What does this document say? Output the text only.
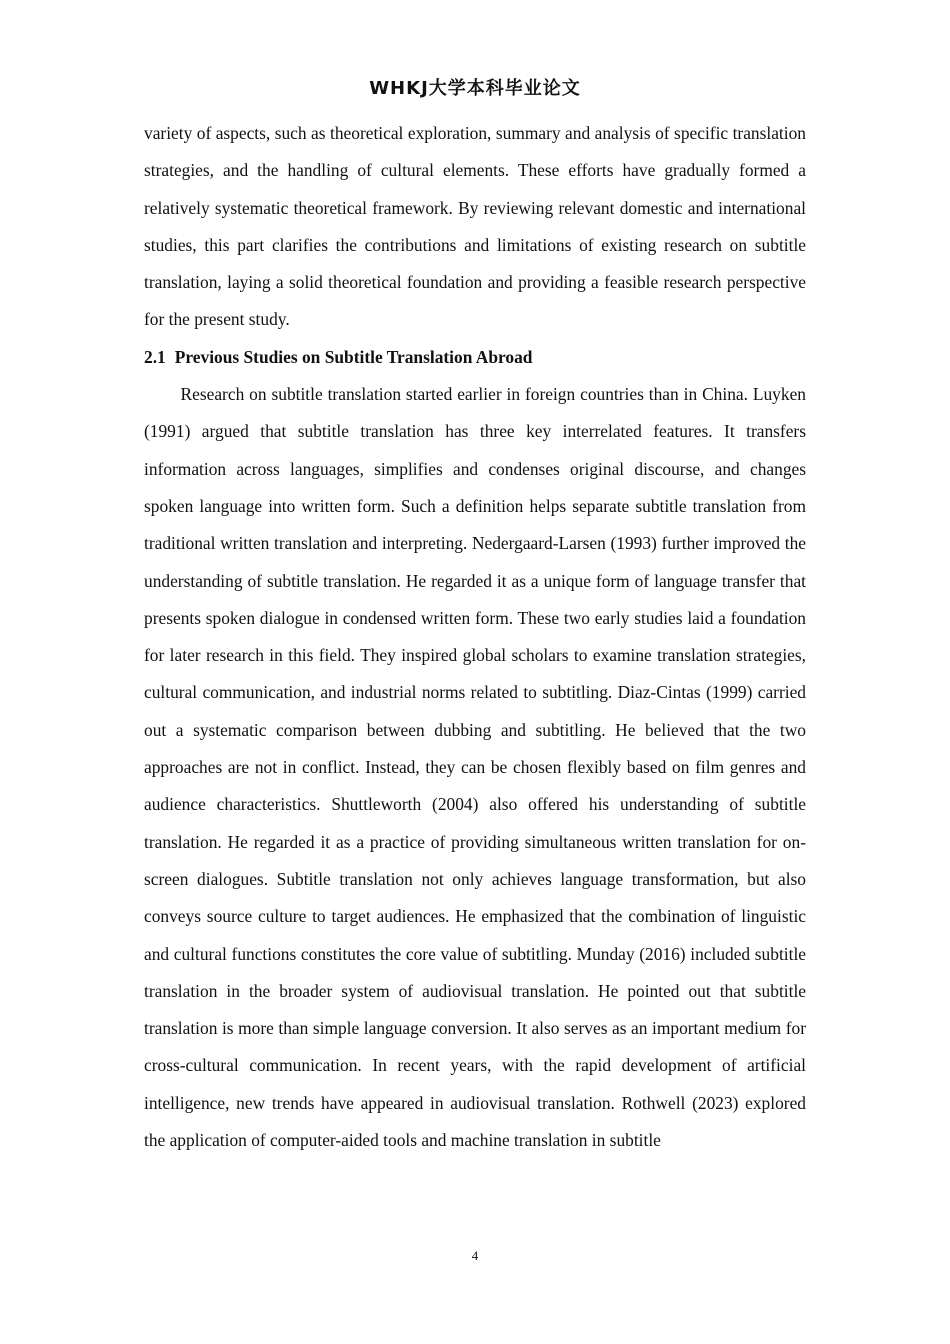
WHKJ大学本科毕业论文

variety of aspects, such as theoretical exploration, summary and analysis of specific translation strategies, and the handling of cultural elements. These efforts have gradually formed a relatively systematic theoretical framework. By reviewing relevant domestic and international studies, this part clarifies the contributions and limitations of existing research on subtitle translation, laying a solid theoretical foundation and providing a feasible research perspective for the present study.

2.1 Previous Studies on Subtitle Translation Abroad

Research on subtitle translation started earlier in foreign countries than in China. Luyken (1991) argued that subtitle translation has three key interrelated features. It transfers information across languages, simplifies and condenses original discourse, and changes spoken language into written form. Such a definition helps separate subtitle translation from traditional written translation and interpreting. Nedergaard-Larsen (1993) further improved the understanding of subtitle translation. He regarded it as a unique form of language transfer that presents spoken dialogue in condensed written form. These two early studies laid a foundation for later research in this field. They inspired global scholars to examine translation strategies, cultural communication, and industrial norms related to subtitling. Diaz-Cintas (1999) carried out a systematic comparison between dubbing and subtitling. He believed that the two approaches are not in conflict. Instead, they can be chosen flexibly based on film genres and audience characteristics. Shuttleworth (2004) also offered his understanding of subtitle translation. He regarded it as a practice of providing simultaneous written translation for on-screen dialogues. Subtitle translation not only achieves language transformation, but also conveys source culture to target audiences. He emphasized that the combination of linguistic and cultural functions constitutes the core value of subtitling. Munday (2016) included subtitle translation in the broader system of audiovisual translation. He pointed out that subtitle translation is more than simple language conversion. It also serves as an important medium for cross-cultural communication. In recent years, with the rapid development of artificial intelligence, new trends have appeared in audiovisual translation. Rothwell (2023) explored the application of computer-aided tools and machine translation in subtitle

4
